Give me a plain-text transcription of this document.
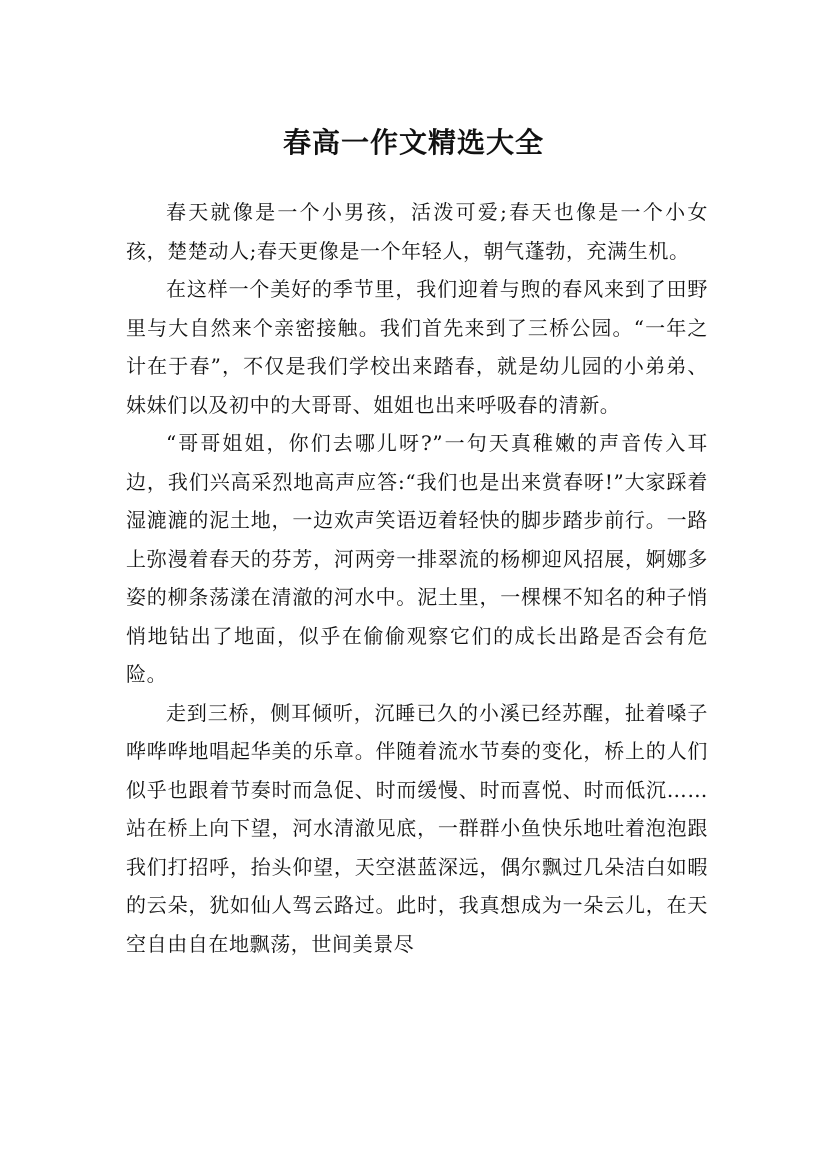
春高一作文精选大全

春天就像是一个小男孩，活泼可爱;春天也像是一个小女孩，楚楚动人;春天更像是一个年轻人，朝气蓬勃，充满生机。

在这样一个美好的季节里，我们迎着与煦的春风来到了田野里与大自然来个亲密接触。我们首先来到了三桥公园。“一年之计在于春”，不仅是我们学校出来踏春，就是幼儿园的小弟弟、妹妹们以及初中的大哥哥、姐姐也出来呼吸春的清新。

“哥哥姐姐，你们去哪儿呀?”一句天真稚嫩的声音传入耳边，我们兴高采烈地高声应答:“我们也是出来赏春呀!”大家踩着湿漉漉的泥土地，一边欢声笑语迈着轻快的脚步踏步前行。一路上弥漫着春天的芬芳，河两旁一排翠流的杨柳迎风招展，婀娜多姿的柳条荡漾在清澈的河水中。泥土里，一棵棵不知名的种子悄悄地钻出了地面，似乎在偷偷观察它们的成长出路是否会有危险。

走到三桥，侧耳倾听，沉睡已久的小溪已经苏醒，扯着嗓子哗哗哗地唱起华美的乐章。伴随着流水节奏的变化，桥上的人们似乎也跟着节奏时而急促、时而缓慢、时而喜悦、时而低沉……站在桥上向下望，河水清澈见底，一群群小鱼快乐地吐着泡泡跟我们打招呼，抬头仰望，天空湛蓝深远，偶尔飘过几朵洁白如暇的云朵，犹如仙人驾云路过。此时，我真想成为一朵云儿，在天空自由自在地飘荡，世间美景尽
